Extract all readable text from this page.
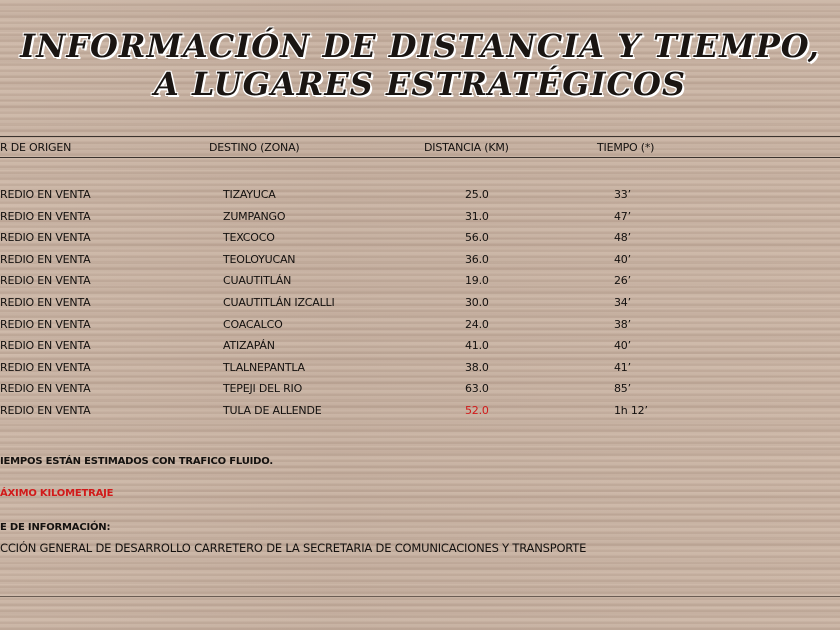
INFORMACIÓN DE DISTANCIA Y TIEMPO,
A LUGARES ESTRATÉGICOS
R DE ORIGEN	DESTINO (ZONA)	DISTANCIA (KM)	TIEMPO (*)
REDIO EN VENTA	TIZAYUCA	25.0	33’
REDIO EN VENTA	ZUMPANGO	31.0	47’
REDIO EN VENTA	TEXCOCO	56.0	48’
REDIO EN VENTA	TEOLOYUCAN	36.0	40’
REDIO EN VENTA	CUAUTITLÁN	19.0	26’
REDIO EN VENTA	CUAUTITLÁN IZCALLI	30.0	34’
REDIO EN VENTA	COACALCO	24.0	38’
REDIO EN VENTA	ATIZAPÁN	41.0	40’
REDIO EN VENTA	TLALNEPANTLA	38.0	41’
REDIO EN VENTA	TEPEJI DEL RIO	63.0	85’
REDIO EN VENTA	TULA DE ALLENDE	52.0	1h 12’
IEMPOS ESTÁN ESTIMADOS CON TRAFICO FLUIDO.
ÁXIMO KILOMETRAJE
E DE INFORMACIÓN:
CCIÓN GENERAL DE DESARROLLO CARRETERO DE LA SECRETARIA DE COMUNICACIONES Y TRANSPORTE
